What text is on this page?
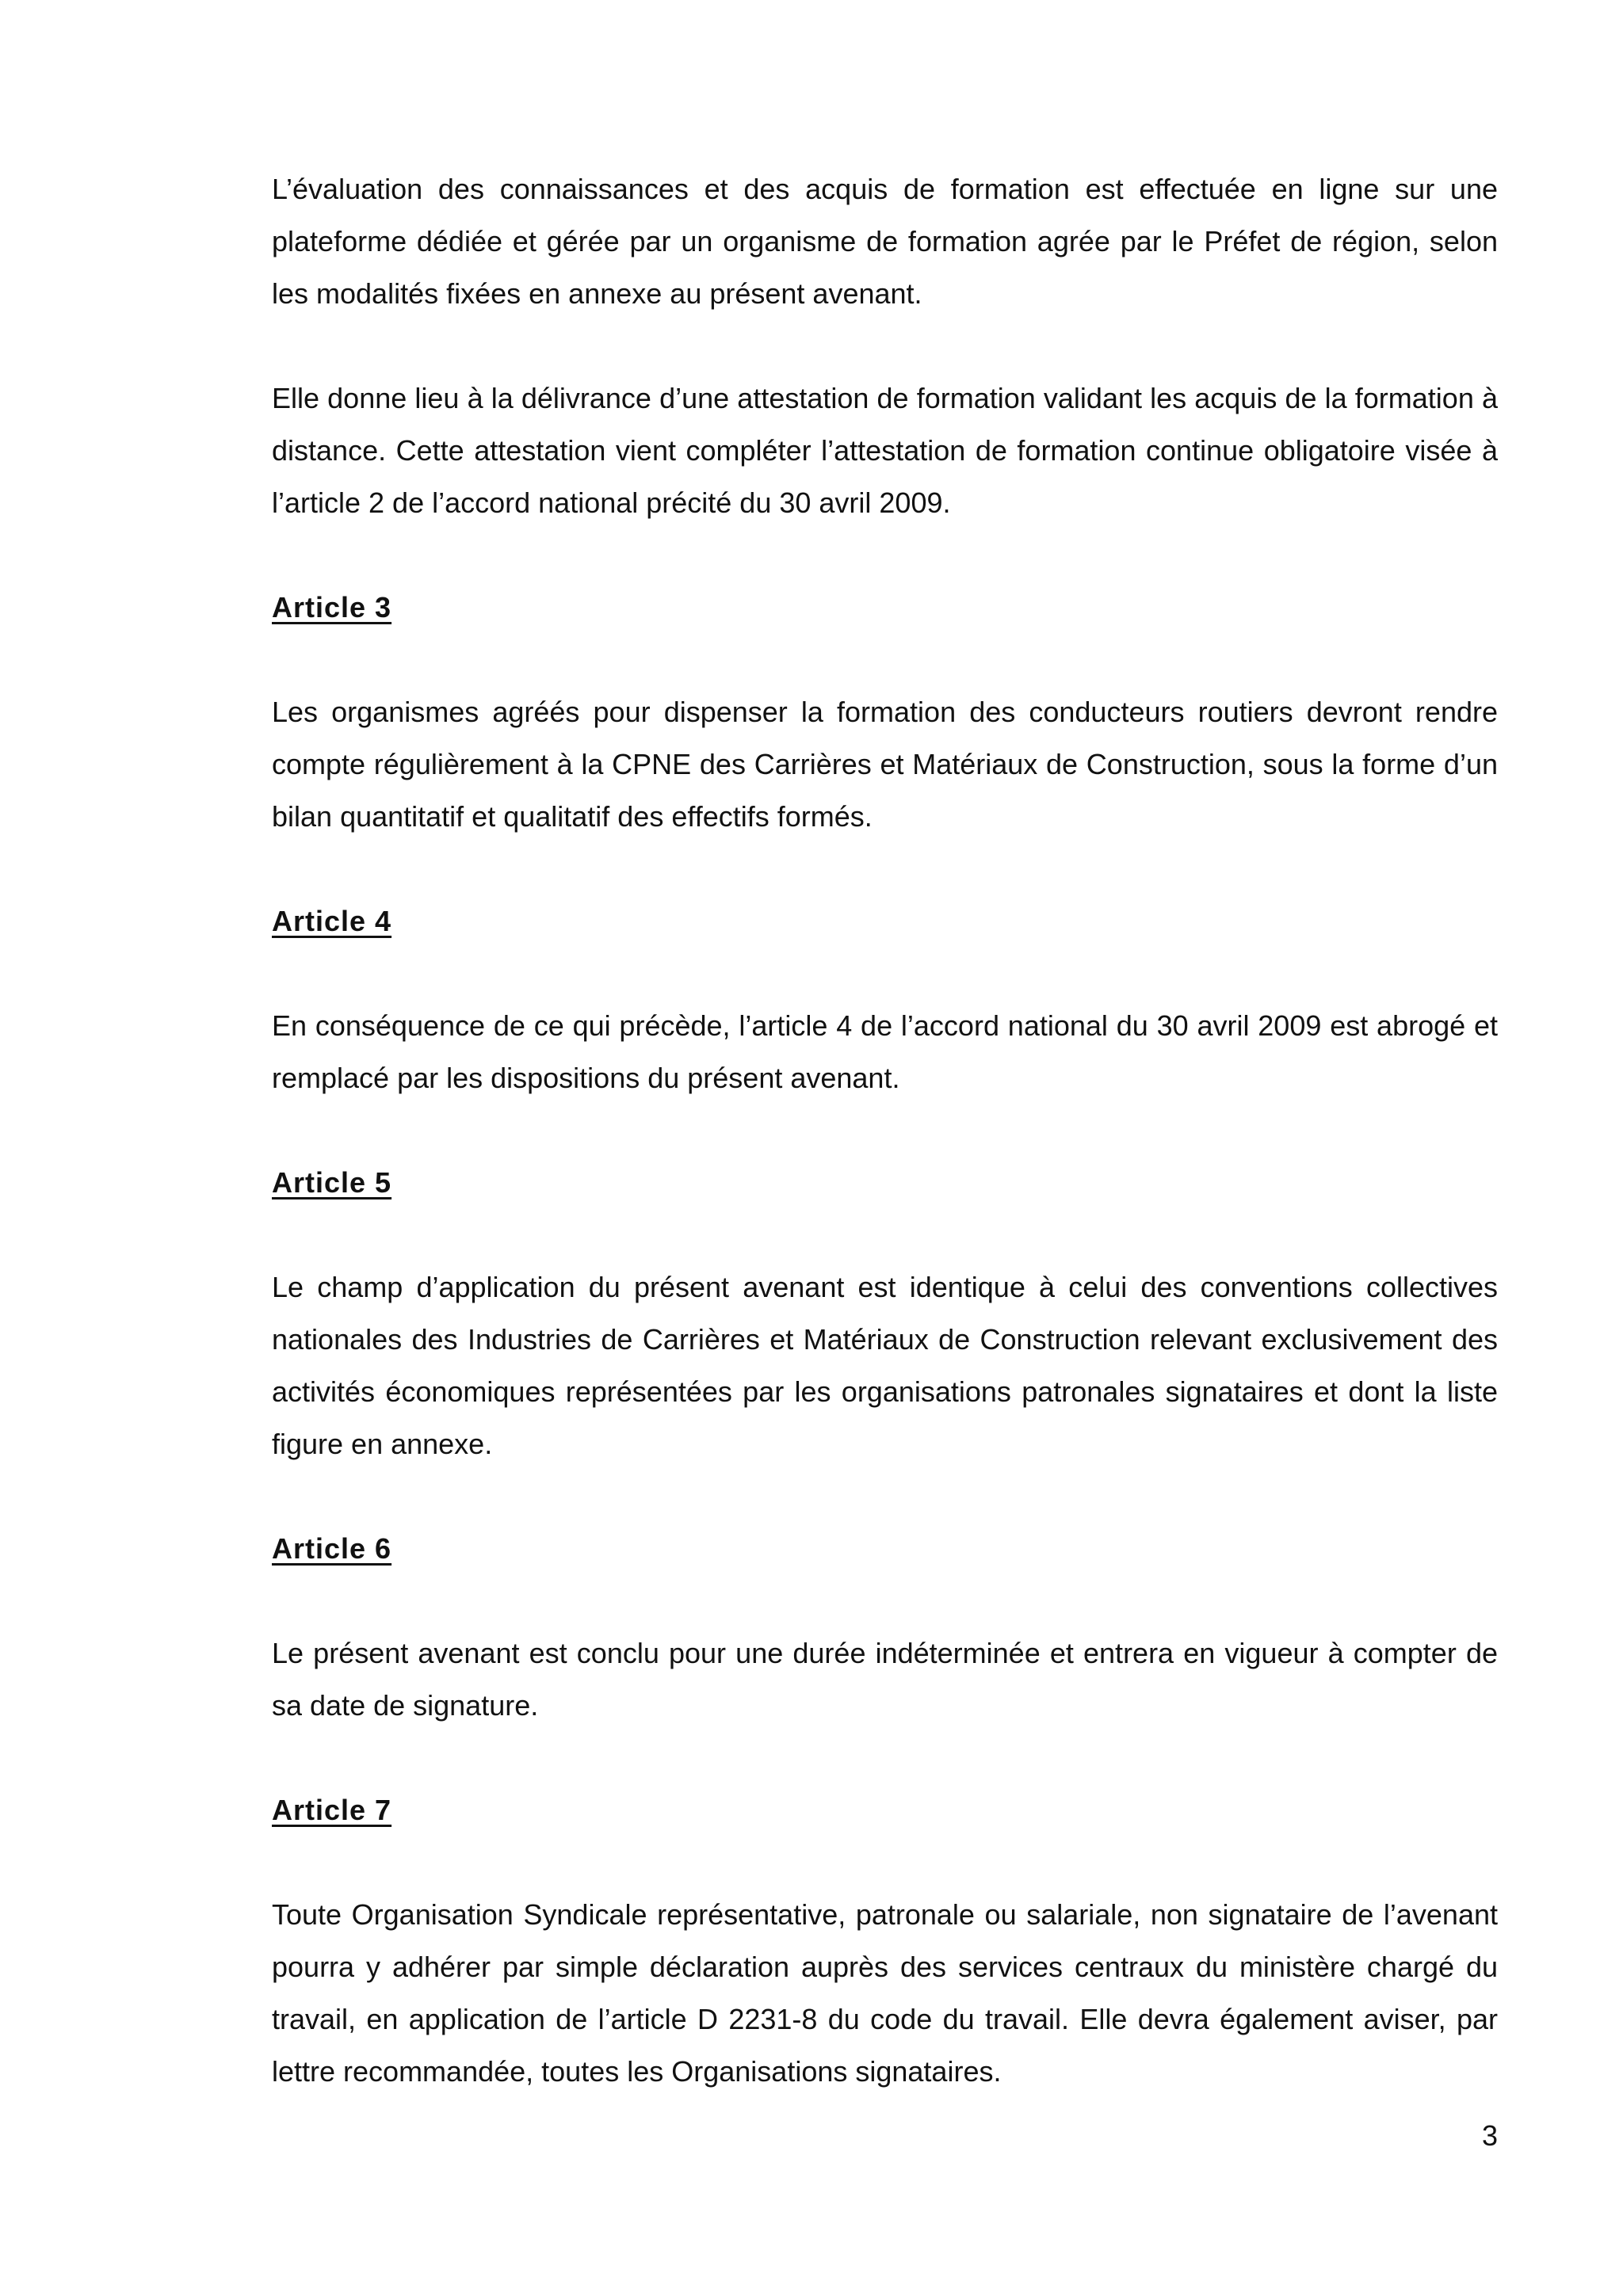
L’évaluation des connaissances et des acquis de formation est effectuée en ligne sur une plateforme dédiée et gérée par un organisme de formation agrée par le Préfet de région, selon les modalités fixées en annexe au présent avenant.

Elle donne lieu à la délivrance d’une attestation de formation validant les acquis de la formation à distance. Cette attestation vient compléter l’attestation de formation continue obligatoire visée à l’article 2 de l’accord national précité du 30 avril 2009.

Article 3

Les organismes agréés pour dispenser la formation des conducteurs routiers devront rendre compte régulièrement à la CPNE des Carrières et Matériaux de Construction, sous la forme d’un bilan quantitatif et qualitatif des effectifs formés.

Article 4

En conséquence de ce qui précède, l’article 4 de l’accord national du 30 avril 2009 est abrogé et remplacé par les dispositions du présent avenant.

Article 5

Le champ d’application du présent avenant est identique à celui des conventions collectives nationales des Industries de Carrières et Matériaux de Construction relevant exclusivement des activités économiques représentées par les organisations patronales signataires et dont la liste figure en annexe.

Article 6

Le présent avenant est conclu pour une durée indéterminée et entrera en vigueur à compter de sa date de signature.

Article 7

Toute Organisation Syndicale représentative, patronale ou salariale, non signataire de l’avenant pourra y adhérer par simple déclaration auprès des services centraux du ministère chargé du travail, en application de l’article D 2231-8 du code du travail. Elle devra également aviser, par lettre recommandée, toutes les Organisations signataires.

3
